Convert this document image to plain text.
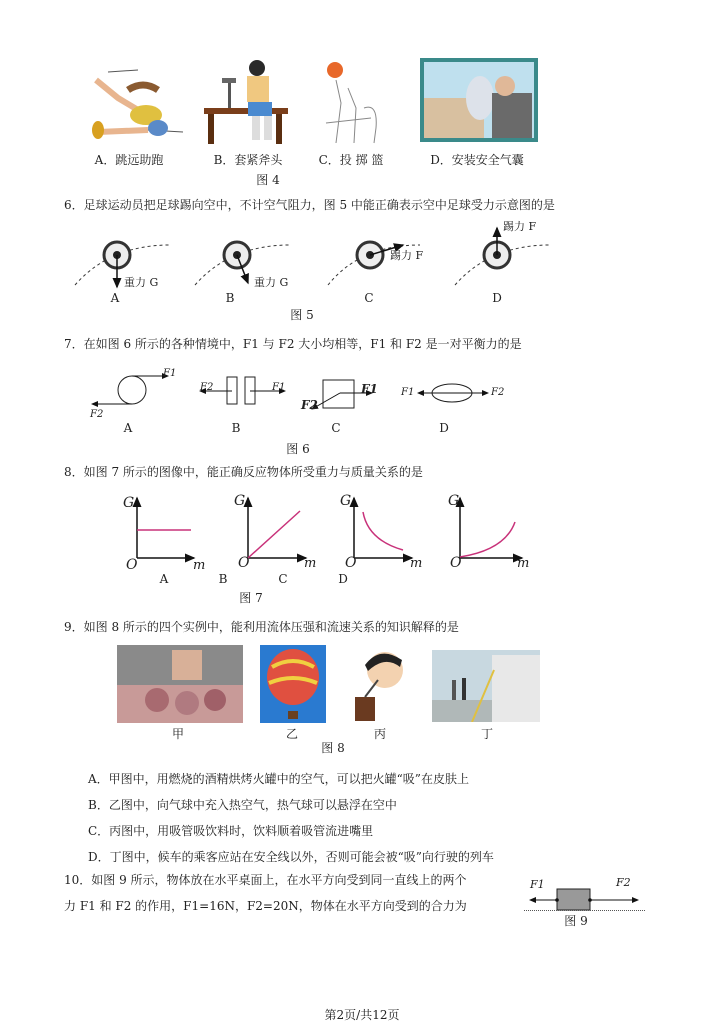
A．跳远助跑	B．套紧斧头	C．投 掷 篮	D．安装安全气囊
图 4
6．足球运动员把足球踢向空中，不计空气阻力，图 5 中能正确表示空中足球受力示意图的是
重力 G	重力 G
踢力 F
踢力 F
A	B	C	D
图 5
7．在如图 6 所示的各种情境中，F1 与 F2 大小均相等，F1 和 F2 是一对平衡力的是
F1
F2
F2	F1	F1
F2
F1	F2
A	B	C	D
图 6
8．如图 7 所示的图像中，能正确反应物体所受重力与质量关系的是
G	G	G	G
O	O	O	O
m	m	m	m
A	B	C	D
图 7
9．如图 8 所示的四个实例中，能利用流体压强和流速关系的知识解释的是
甲	乙	丙	丁
图 8
A．甲图中，用燃烧的酒精烘烤火罐中的空气，可以把火罐“吸”在皮肤上
B．乙图中，向气球中充入热空气，热气球可以悬浮在空中
C．丙图中，用吸管吸饮料时，饮料顺着吸管流进嘴里
D．丁图中，候车的乘客应站在安全线以外，否则可能会被“吸”向行驶的列车
10．如图 9 所示，物体放在水平桌面上，在水平方向受到同一直线上的两个
力 F1 和 F2 的作用，F1=16N，F2=20N，物体在水平方向受到的合力为
F1	F2
图 9
第2页/共12页
